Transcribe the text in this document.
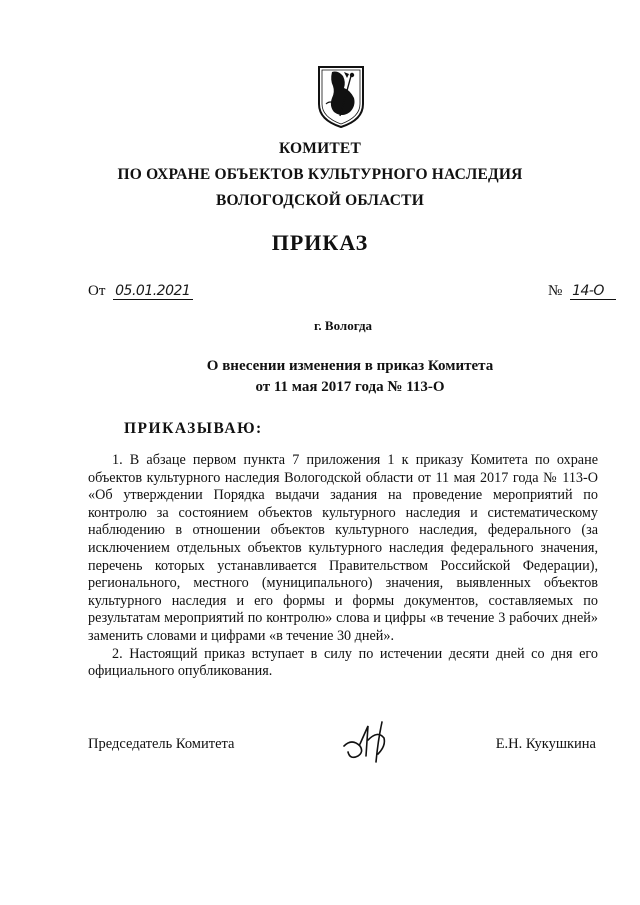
КОМИТЕТ
ПО ОХРАНЕ ОБЪЕКТОВ КУЛЬТУРНОГО НАСЛЕДИЯ
ВОЛОГОДСКОЙ ОБЛАСТИ
ПРИКАЗ
От 05.01.2021	№ 14-О
г. Вологда
О внесении изменения в приказ Комитета
от 11 мая 2017 года № 113-О
ПРИКАЗЫВАЮ:

1. В абзаце первом пункта 7 приложения 1 к приказу Комитета по охране объектов культурного наследия Вологодской области от 11 мая 2017 года № 113-О «Об утверждении Порядка выдачи задания на проведение мероприятий по контролю за состоянием объектов культурного наследия и систематическому наблюдению в отношении объектов культурного наследия, федерального (за исключением отдельных объектов культурного наследия федерального значения, перечень которых устанавливается Правительством Российской Федерации), регионального, местного (муниципального) значения, выявленных объектов культурного наследия и его формы и формы документов, составляемых по результатам мероприятий по контролю» слова и цифры «в течение 3 рабочих дней» заменить словами и цифрами «в течение 30 дней».

2. Настоящий приказ вступает в силу по истечении десяти дней со дня его официального опубликования.

Председатель Комитета	Е.Н. Кукушкина
